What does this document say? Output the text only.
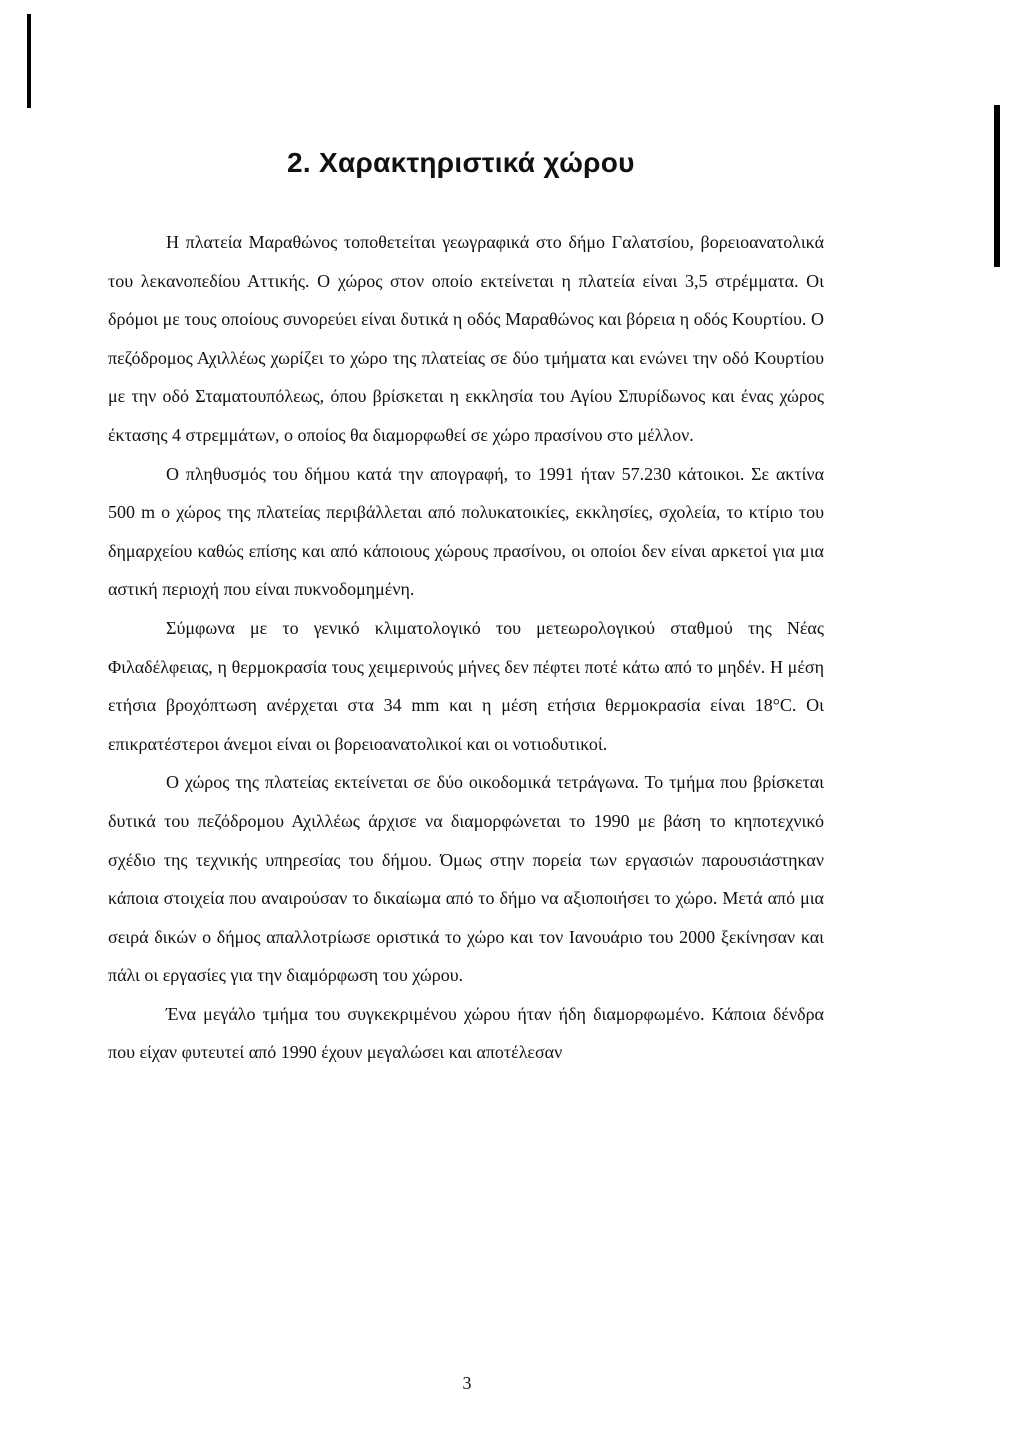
2. Χαρακτηριστικά χώρου

Η πλατεία Μαραθώνος τοποθετείται γεωγραφικά στο δήμο Γαλατσίου, βορειοανατολικά του λεκανοπεδίου Αττικής. Ο χώρος στον οποίο εκτείνεται η πλατεία είναι 3,5 στρέμματα. Οι δρόμοι με τους οποίους συνορεύει είναι δυτικά η οδός Μαραθώνος και βόρεια η οδός Κουρτίου. Ο πεζόδρομος Αχιλλέως χωρίζει το χώρο της πλατείας σε δύο τμήματα και ενώνει την οδό Κουρτίου με την οδό Σταματουπόλεως, όπου βρίσκεται η εκκλησία του Αγίου Σπυρίδωνος και ένας χώρος έκτασης 4 στρεμμάτων, ο οποίος θα διαμορφωθεί σε χώρο πρασίνου στο μέλλον.

Ο πληθυσμός του δήμου κατά την απογραφή, το 1991 ήταν 57.230 κάτοικοι. Σε ακτίνα 500 m ο χώρος της πλατείας περιβάλλεται από πολυκατοικίες, εκκλησίες, σχολεία, το κτίριο του δημαρχείου καθώς επίσης και από κάποιους χώρους πρασίνου, οι οποίοι δεν είναι αρκετοί για μια αστική περιοχή που είναι πυκνοδομημένη.

Σύμφωνα με το γενικό κλιματολογικό του μετεωρολογικού σταθμού της Νέας Φιλαδέλφειας, η θερμοκρασία τους χειμερινούς μήνες δεν πέφτει ποτέ κάτω από το μηδέν. Η μέση ετήσια βροχόπτωση ανέρχεται στα 34 mm και η μέση ετήσια θερμοκρασία είναι 18°C. Οι επικρατέστεροι άνεμοι είναι οι βορειοανατολικοί και οι νοτιοδυτικοί.

Ο χώρος της πλατείας εκτείνεται σε δύο οικοδομικά τετράγωνα. Το τμήμα που βρίσκεται δυτικά του πεζόδρομου Αχιλλέως άρχισε να διαμορφώνεται το 1990 με βάση το κηποτεχνικό σχέδιο της τεχνικής υπηρεσίας του δήμου. Όμως στην πορεία των εργασιών παρουσιάστηκαν κάποια στοιχεία που αναιρούσαν το δικαίωμα από το δήμο να αξιοποιήσει το χώρο. Μετά από μια σειρά δικών ο δήμος απαλλοτρίωσε οριστικά το χώρο και τον Ιανουάριο του 2000 ξεκίνησαν και πάλι οι εργασίες για την διαμόρφωση του χώρου.

Ένα μεγάλο τμήμα του συγκεκριμένου χώρου ήταν ήδη διαμορφωμένο. Κάποια δένδρα που είχαν φυτευτεί από 1990 έχουν μεγαλώσει και αποτέλεσαν

3
